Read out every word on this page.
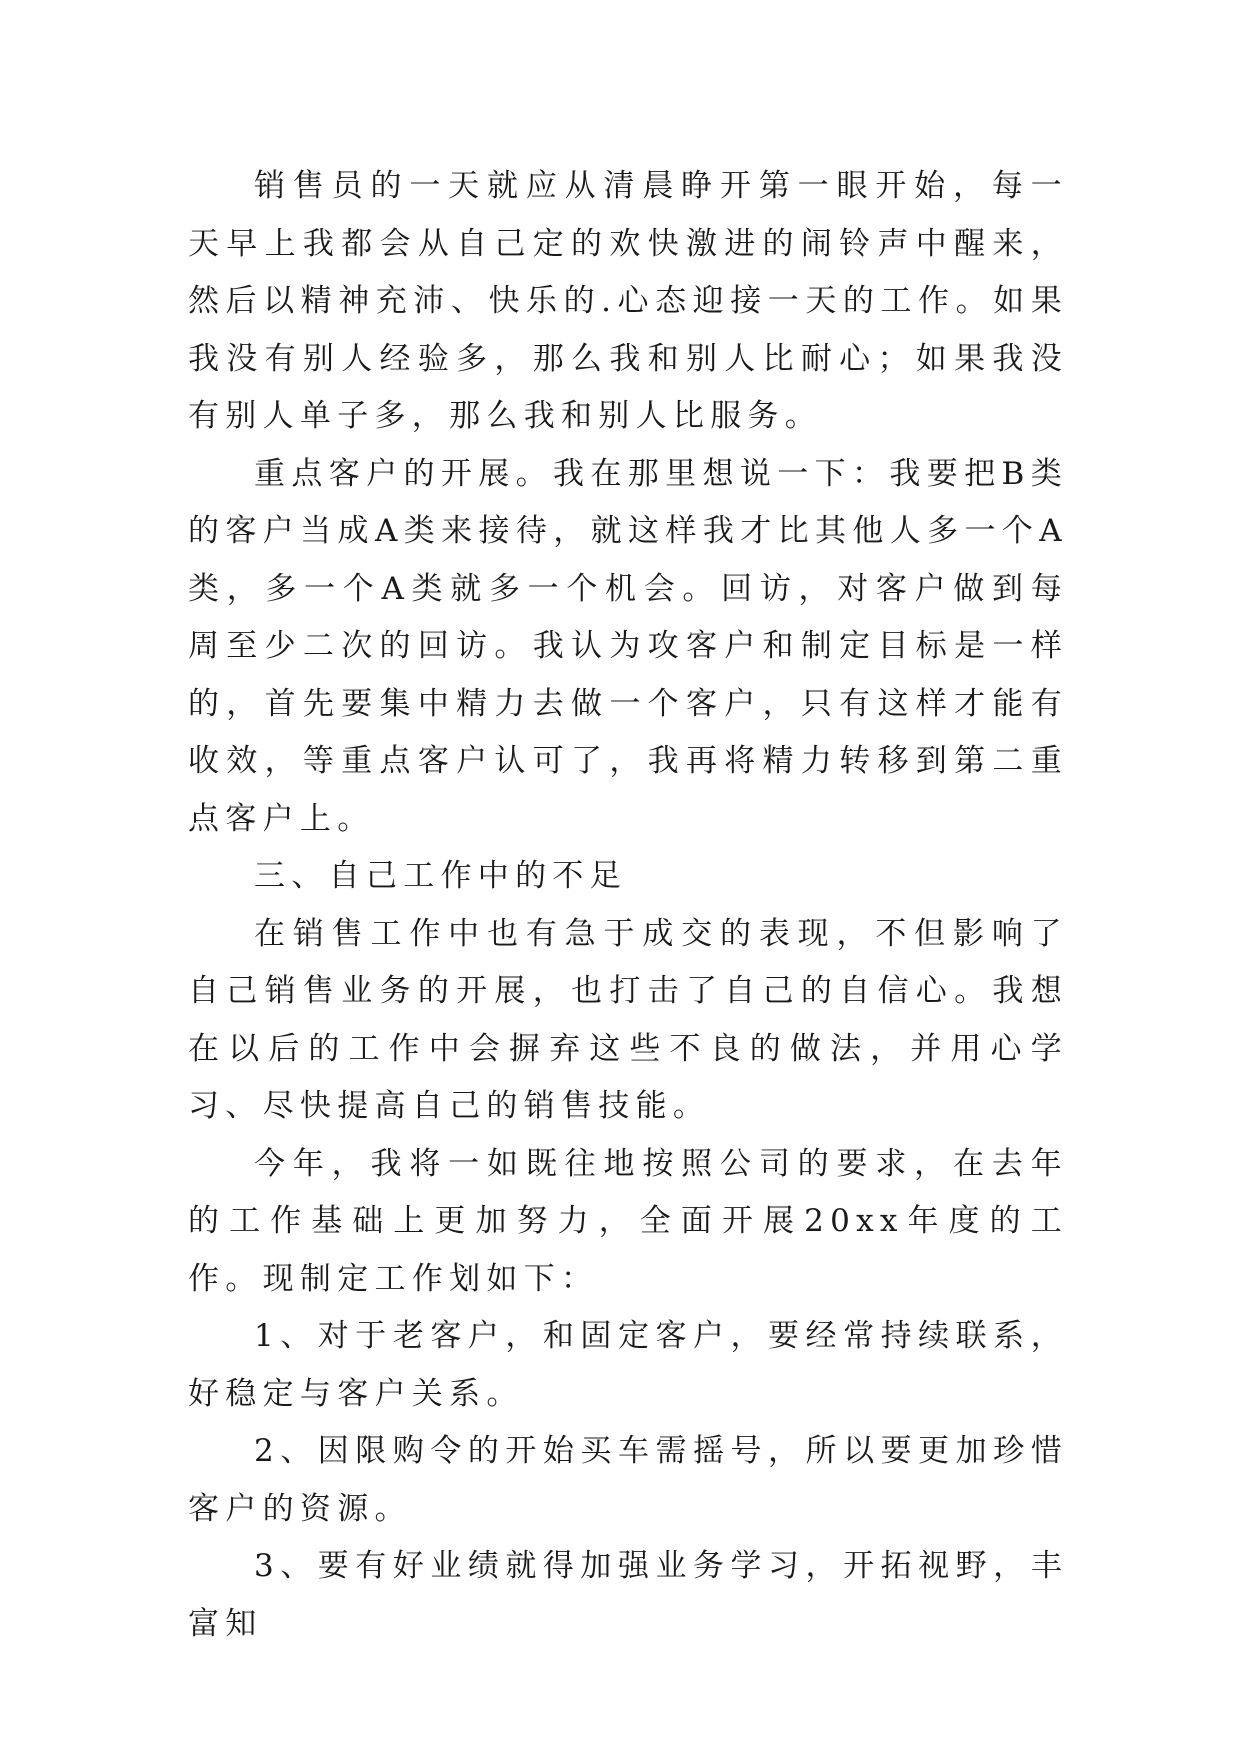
销售员的一天就应从清晨睁开第一眼开始，每一天早上我都会从自己定的欢快激进的闹铃声中醒来，然后以精神充沛、快乐的.心态迎接一天的工作。如果我没有别人经验多，那么我和别人比耐心；如果我没有别人单子多，那么我和别人比服务。

重点客户的开展。我在那里想说一下：我要把B类的客户当成A类来接待，就这样我才比其他人多一个A类，多一个A类就多一个机会。回访，对客户做到每周至少二次的回访。我认为攻客户和制定目标是一样的，首先要集中精力去做一个客户，只有这样才能有收效，等重点客户认可了，我再将精力转移到第二重点客户上。

三、自己工作中的不足

在销售工作中也有急于成交的表现，不但影响了自己销售业务的开展，也打击了自己的自信心。我想在以后的工作中会摒弃这些不良的做法，并用心学习、尽快提高自己的销售技能。

今年，我将一如既往地按照公司的要求，在去年的工作基础上更加努力，全面开展20xx年度的工作。现制定工作划如下：

1、对于老客户，和固定客户，要经常持续联系，好稳定与客户关系。

2、因限购令的开始买车需摇号，所以要更加珍惜客户的资源。

3、要有好业绩就得加强业务学习，开拓视野，丰富知
